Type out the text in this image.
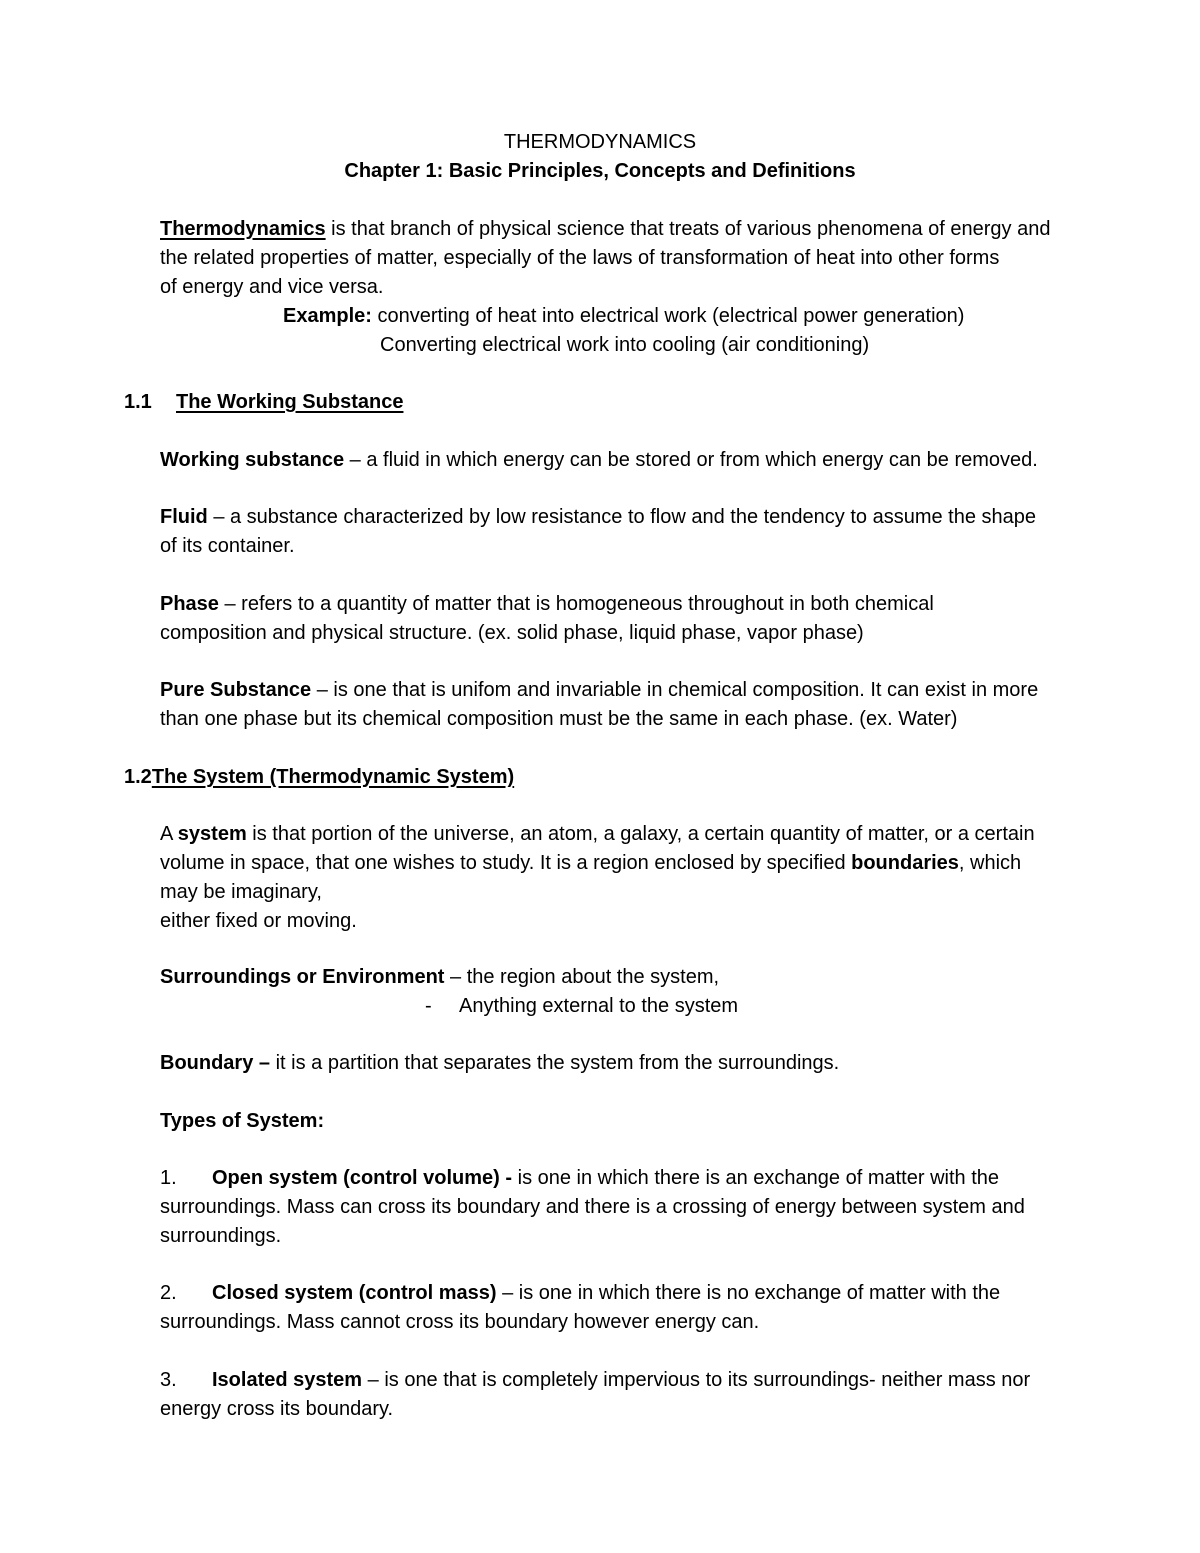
THERMODYNAMICS
Chapter 1: Basic Principles, Concepts and Definitions
Thermodynamics is that branch of physical science that treats of various phenomena of energy and
the related properties of matter, especially of the laws of transformation of heat into other forms
of energy and vice versa.
Example: converting of heat into electrical work (electrical power generation)
Converting electrical work into cooling (air conditioning)
1.1 The Working Substance
Working substance – a fluid in which energy can be stored or from which energy can be removed.
Fluid – a substance characterized by low resistance to flow and the tendency to assume the shape
of its container.
Phase – refers to a quantity of matter that is homogeneous throughout in both chemical
composition and physical structure. (ex. solid phase, liquid phase, vapor phase)
Pure Substance – is one that is unifom and invariable in chemical composition. It can exist in more
than one phase but its chemical composition must be the same in each phase. (ex. Water)
1.2The System (Thermodynamic System)
A system is that portion of the universe, an atom, a galaxy, a certain quantity of matter, or a certain
volume in space, that one wishes to study. It is a region enclosed by specified boundaries, which
may be imaginary,
either fixed or moving.
Surroundings or Environment – the region about the system,
- Anything external to the system
Boundary – it is a partition that separates the system from the surroundings.
Types of System:
1. Open system (control volume) - is one in which there is an exchange of matter with the
surroundings. Mass can cross its boundary and there is a crossing of energy between system and
surroundings.
2. Closed system (control mass) – is one in which there is no exchange of matter with the
surroundings. Mass cannot cross its boundary however energy can.
3. Isolated system – is one that is completely impervious to its surroundings- neither mass nor
energy cross its boundary.
